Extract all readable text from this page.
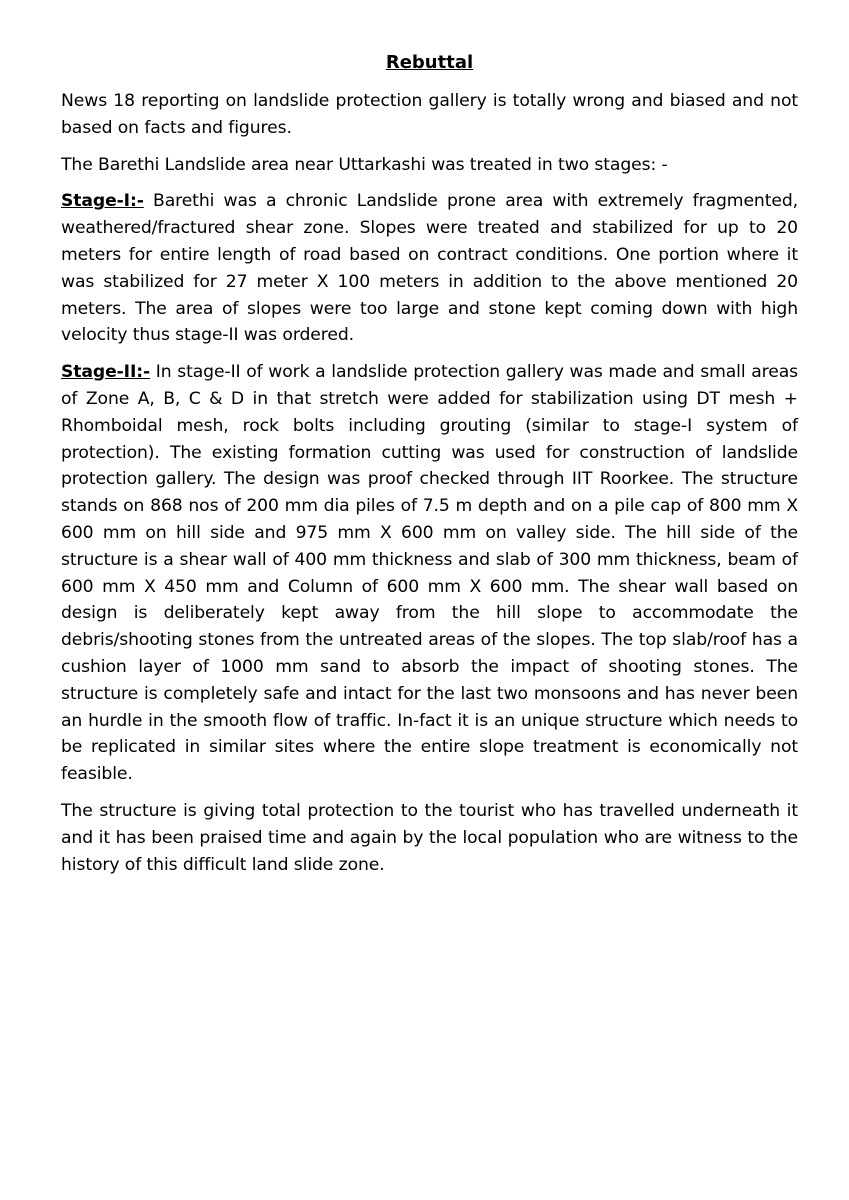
Rebuttal

News 18 reporting on landslide protection gallery is totally wrong and biased and not based on facts and figures.

The Barethi Landslide area near Uttarkashi was treated in two stages: -

Stage-I:- Barethi was a chronic Landslide prone area with extremely fragmented, weathered/fractured shear zone. Slopes were treated and stabilized for up to 20 meters for entire length of road based on contract conditions. One portion where it was stabilized for 27 meter X 100 meters in addition to the above mentioned 20 meters. The area of slopes were too large and stone kept coming down with high velocity thus stage-II was ordered.

Stage-II:- In stage-II of work a landslide protection gallery was made and small areas of Zone A, B, C & D in that stretch were added for stabilization using DT mesh + Rhomboidal mesh, rock bolts including grouting (similar to stage-I system of protection). The existing formation cutting was used for construction of landslide protection gallery. The design was proof checked through IIT Roorkee. The structure stands on 868 nos of 200 mm dia piles of 7.5 m depth and on a pile cap of 800 mm X 600 mm on hill side and 975 mm X 600 mm on valley side. The hill side of the structure is a shear wall of 400 mm thickness and slab of 300 mm thickness, beam of 600 mm X 450 mm and Column of 600 mm X 600 mm. The shear wall based on design is deliberately kept away from the hill slope to accommodate the debris/shooting stones from the untreated areas of the slopes. The top slab/roof has a cushion layer of 1000 mm sand to absorb the impact of shooting stones. The structure is completely safe and intact for the last two monsoons and has never been an hurdle in the smooth flow of traffic. In-fact it is an unique structure which needs to be replicated in similar sites where the entire slope treatment is economically not feasible.

The structure is giving total protection to the tourist who has travelled underneath it and it has been praised time and again by the local population who are witness to the history of this difficult land slide zone.
